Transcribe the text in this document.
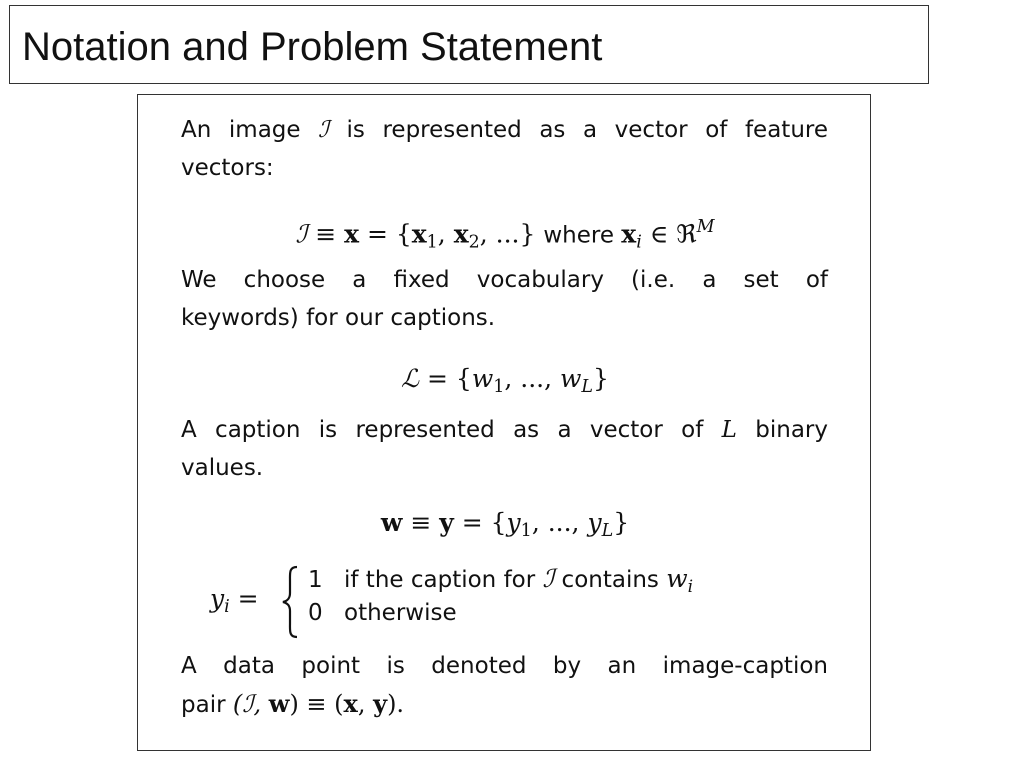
Notation and Problem Statement
An image ℐ is represented as a vector of feature
vectors:
ℐ ≡ $x = \{x_1$, $x_2$, ...} where $x_i$ ∈ ℜ$^M$
We choose a fixed vocabulary (i.e. a set of
keywords) for our captions.
ℒ = {$w_1$, ..., $w_L$}
A caption is represented as a vector of L binary
values.
$w \equiv y = \{y_1$, ..., $y_L$}
$y_i$ =
1 if the caption for ℐ contains $w_i$
0 otherwise
A data point is denoted by an image-caption
pair (ℐ, w) ≡ (x, y).
